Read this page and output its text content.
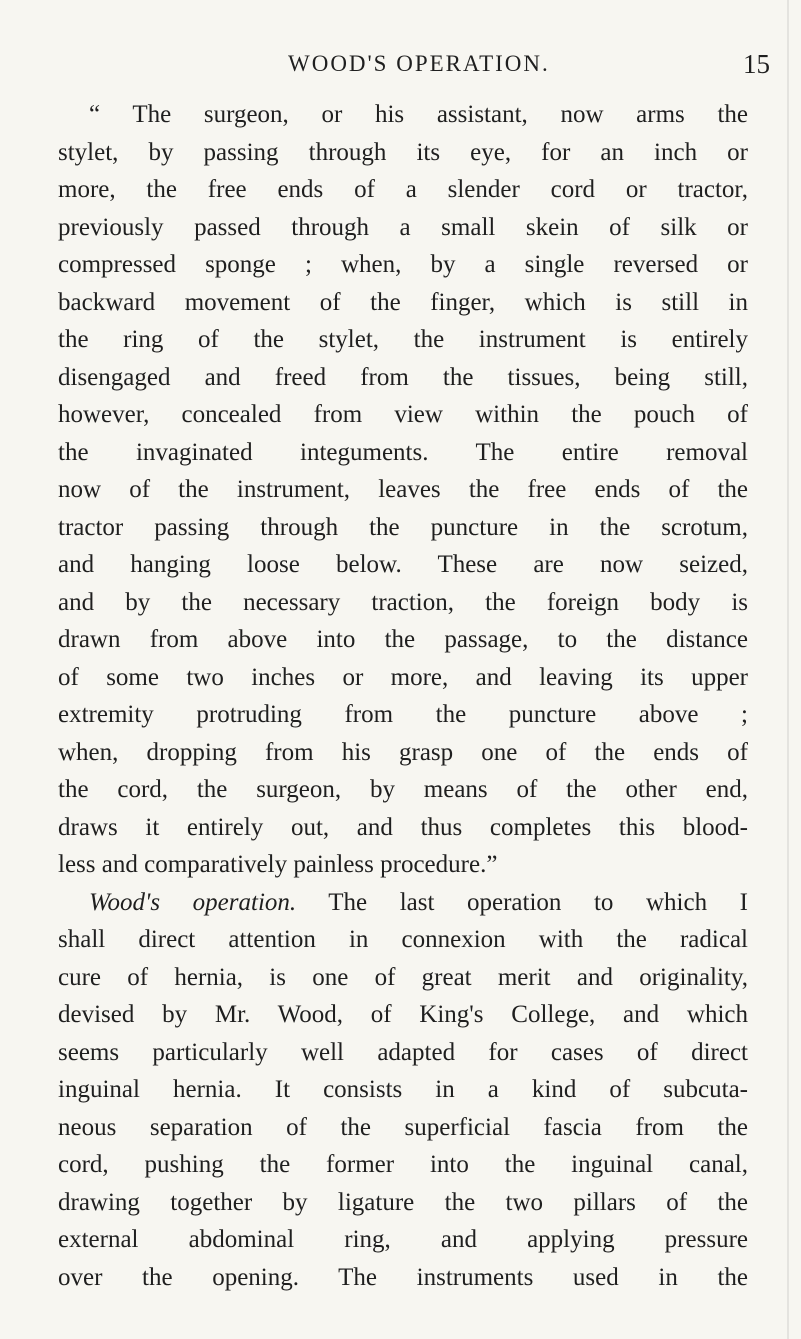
WOOD'S OPERATION.	15
“ The surgeon, or his assistant, now arms the
stylet, by passing through its eye, for an inch or
more, the free ends of a slender cord or tractor,
previously passed through a small skein of silk or
compressed sponge ; when, by a single reversed or
backward movement of the finger, which is still in
the ring of the stylet, the instrument is entirely
disengaged and freed from the tissues, being still,
however, concealed from view within the pouch of
the invaginated integuments. The entire removal
now of the instrument, leaves the free ends of the
tractor passing through the puncture in the scrotum,
and hanging loose below. These are now seized,
and by the necessary traction, the foreign body is
drawn from above into the passage, to the distance
of some two inches or more, and leaving its upper
extremity protruding from the puncture above ;
when, dropping from his grasp one of the ends of
the cord, the surgeon, by means of the other end,
draws it entirely out, and thus completes this blood-
less and comparatively painless procedure.”
Wood's operation. The last operation to which I
shall direct attention in connexion with the radical
cure of hernia, is one of great merit and originality,
devised by Mr. Wood, of King's College, and which
seems particularly well adapted for cases of direct
inguinal hernia. It consists in a kind of subcuta-
neous separation of the superficial fascia from the
cord, pushing the former into the inguinal canal,
drawing together by ligature the two pillars of the
external abdominal ring, and applying pressure
over the opening. The instruments used in the
